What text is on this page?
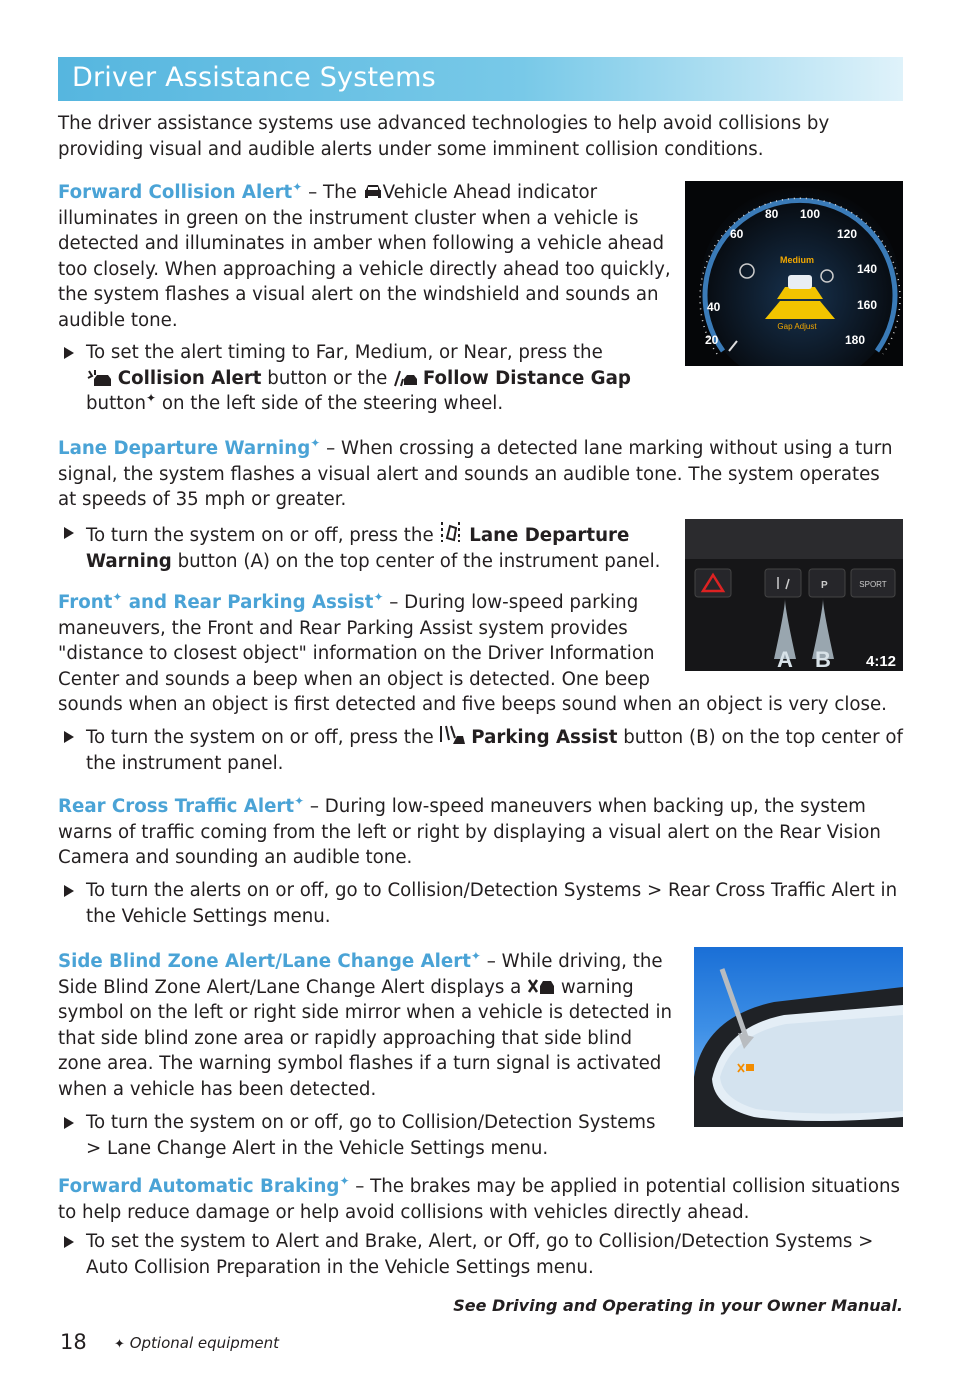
Driver Assistance Systems

The driver assistance systems use advanced technologies to help avoid collisions by providing visual and audible alerts under some imminent collision conditions.

Forward Collision Alert✦ – The Vehicle Ahead indicator illuminates in green on the instrument cluster when a vehicle is detected and illuminates in amber when following a vehicle ahead too closely. When approaching a vehicle directly ahead too quickly, the system flashes a visual alert on the windshield and sounds an audible tone.

To set the alert timing to Far, Medium, or Near, press the
Collision Alert button or the  Follow Distance Gap
button✦ on the left side of the steering wheel.

Medium
Gap Adjust
20
40
60
80 100
120
140
160
180

Lane Departure Warning✦ – When crossing a detected lane marking without using a turn signal, the system flashes a visual alert and sounds an audible tone. The system operates at speeds of 35 mph or greater.

To turn the system on or off, press the  Lane Departure Warning button (A) on the top center of the instrument panel.

SPORT
P
A B 4:12

Front✦ and Rear Parking Assist✦ – During low-speed parking maneuvers, the Front and Rear Parking Assist system provides "distance to closest object" information on the Driver Information Center and sounds a beep when an object is detected. One beep sounds when an object is first detected and five beeps sound when an object is very close.

To turn the system on or off, press the  Parking Assist button (B) on the top center of the instrument panel.

Rear Cross Traffic Alert✦ – During low-speed maneuvers when backing up, the system warns of traffic coming from the left or right by displaying a visual alert on the Rear Vision Camera and sounding an audible tone.

To turn the alerts on or off, go to Collision/Detection Systems > Rear Cross Traffic Alert in the Vehicle Settings menu.

Side Blind Zone Alert/Lane Change Alert✦ – While driving, the Side Blind Zone Alert/Lane Change Alert displays a  warning symbol on the left or right side mirror when a vehicle is detected in that side blind zone area or rapidly approaching that side blind zone area. The warning symbol flashes if a turn signal is activated when a vehicle has been detected.

To turn the system on or off, go to Collision/Detection Systems > Lane Change Alert in the Vehicle Settings menu.

Forward Automatic Braking✦ – The brakes may be applied in potential collision situations to help reduce damage or help avoid collisions with vehicles directly ahead.

To set the system to Alert and Brake, Alert, or Off, go to Collision/Detection Systems > Auto Collision Preparation in the Vehicle Settings menu.

See Driving and Operating in your Owner Manual.
18 ✦ Optional equipment
